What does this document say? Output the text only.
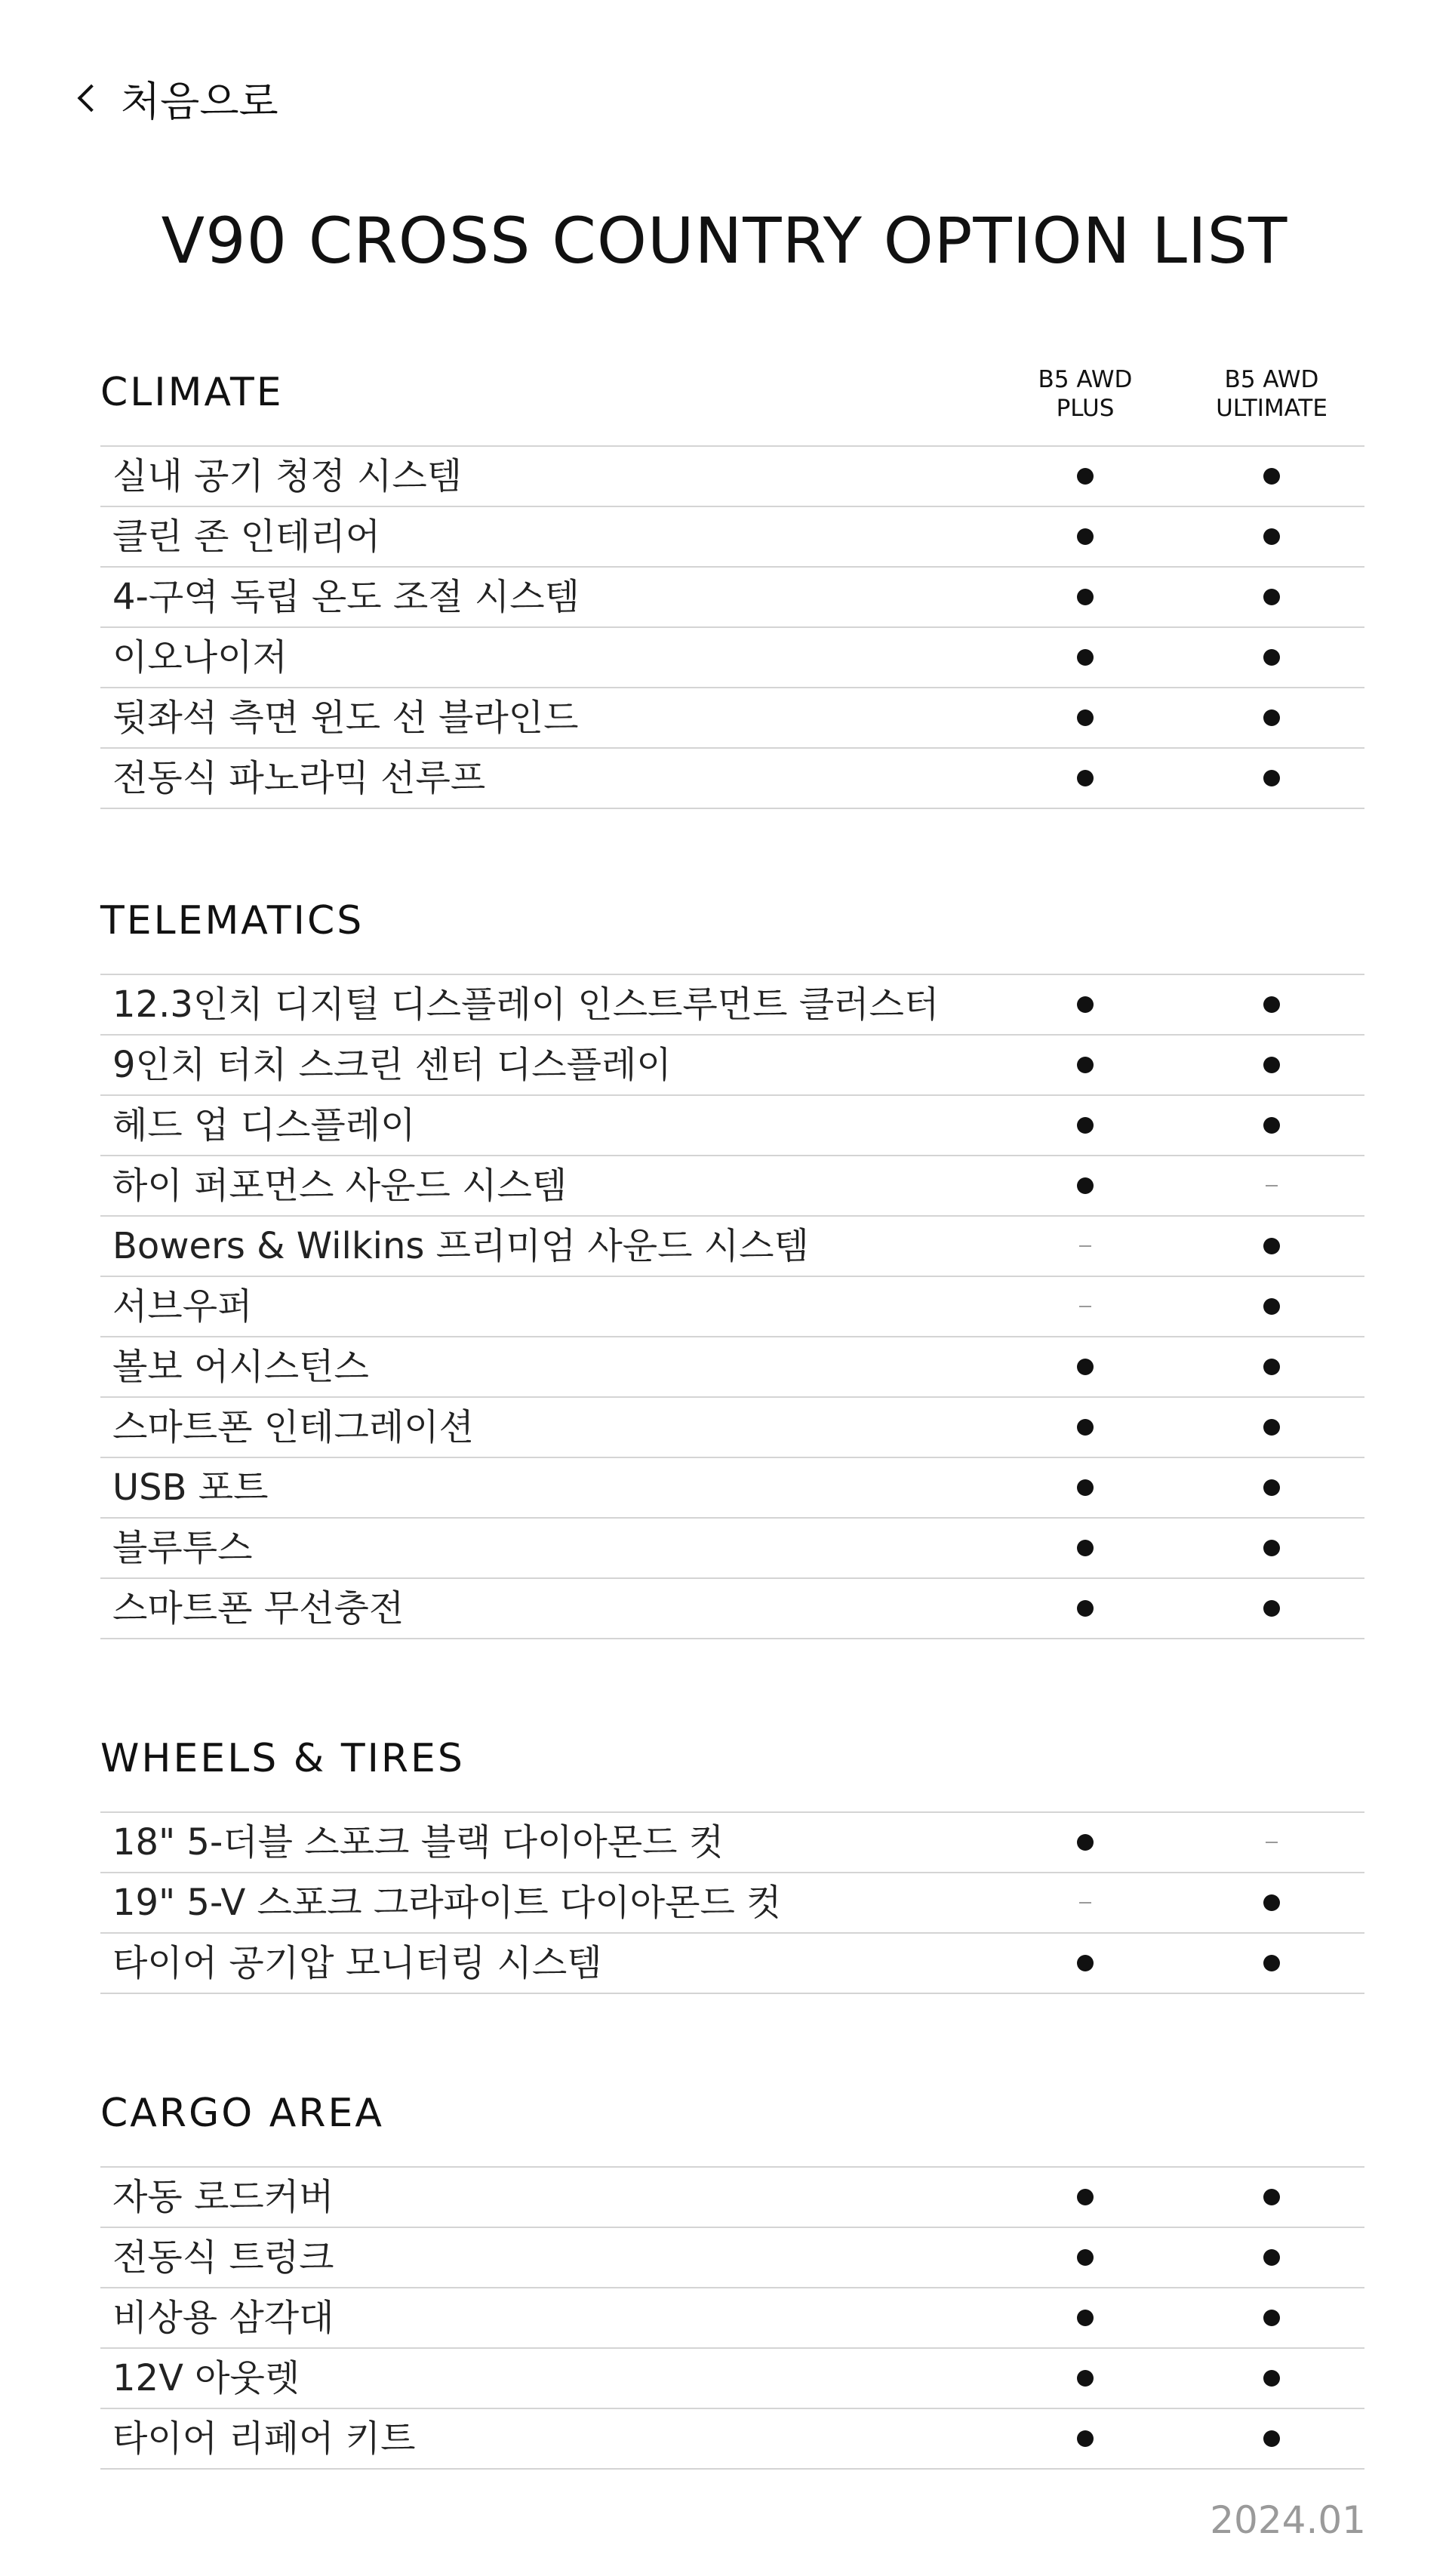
처음으로
V90 CROSS COUNTRY OPTION LIST
CLIMATE	B5 AWD
PLUS
B5 AWD
ULTIMATE
실내 공기 청정 시스템
클린 존 인테리어
4-구역 독립 온도 조절 시스템
이오나이저
뒷좌석 측면 윈도 선 블라인드
전동식 파노라믹 선루프
TELEMATICS
12.3인치 디지털 디스플레이 인스트루먼트 클러스터
9인치 터치 스크린 센터 디스플레이
헤드 업 디스플레이
하이 퍼포먼스 사운드 시스템
Bowers & Wilkins 프리미엄 사운드 시스템
서브우퍼
볼보 어시스턴스
스마트폰 인테그레이션
USB 포트
블루투스
스마트폰 무선충전
WHEELS & TIRES
18" 5-더블 스포크 블랙 다이아몬드 컷
19" 5-V 스포크 그라파이트 다이아몬드 컷
타이어 공기압 모니터링 시스템
CARGO AREA
자동 로드커버
전동식 트렁크
비상용 삼각대
12V 아웃렛
타이어 리페어 키트
2024.01
